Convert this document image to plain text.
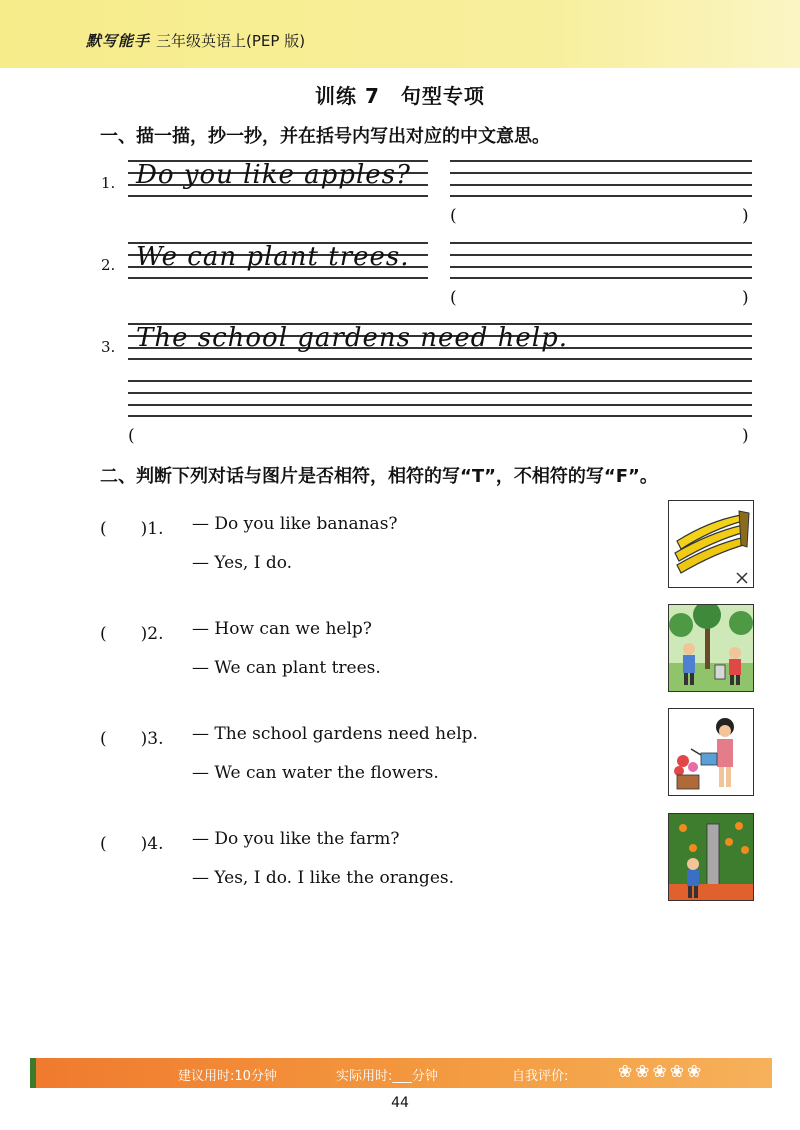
默写能手 三年级英语上(PEP 版)
训练 7　句型专项
一、描一描，抄一抄，并在括号内写出对应的中文意思。
1. Do you like apples?
(	)
2. We can plant trees.
(	)
3. The school gardens need help.
(	)
二、判断下列对话与图片是否相符，相符的写“T”，不相符的写“F”。
(　　)1. — Do you like bananas?
— Yes, I do.
(　　)2. — How can we help?
— We can plant trees.
(　　)3. — The school gardens need help.
— We can water the flowers.
(　　)4. — Do you like the farm?
— Yes, I do. I like the oranges.
建议用时:10分钟	实际用时:___分钟	自我评价:	❀ ❀ ❀ ❀ ❀
44
